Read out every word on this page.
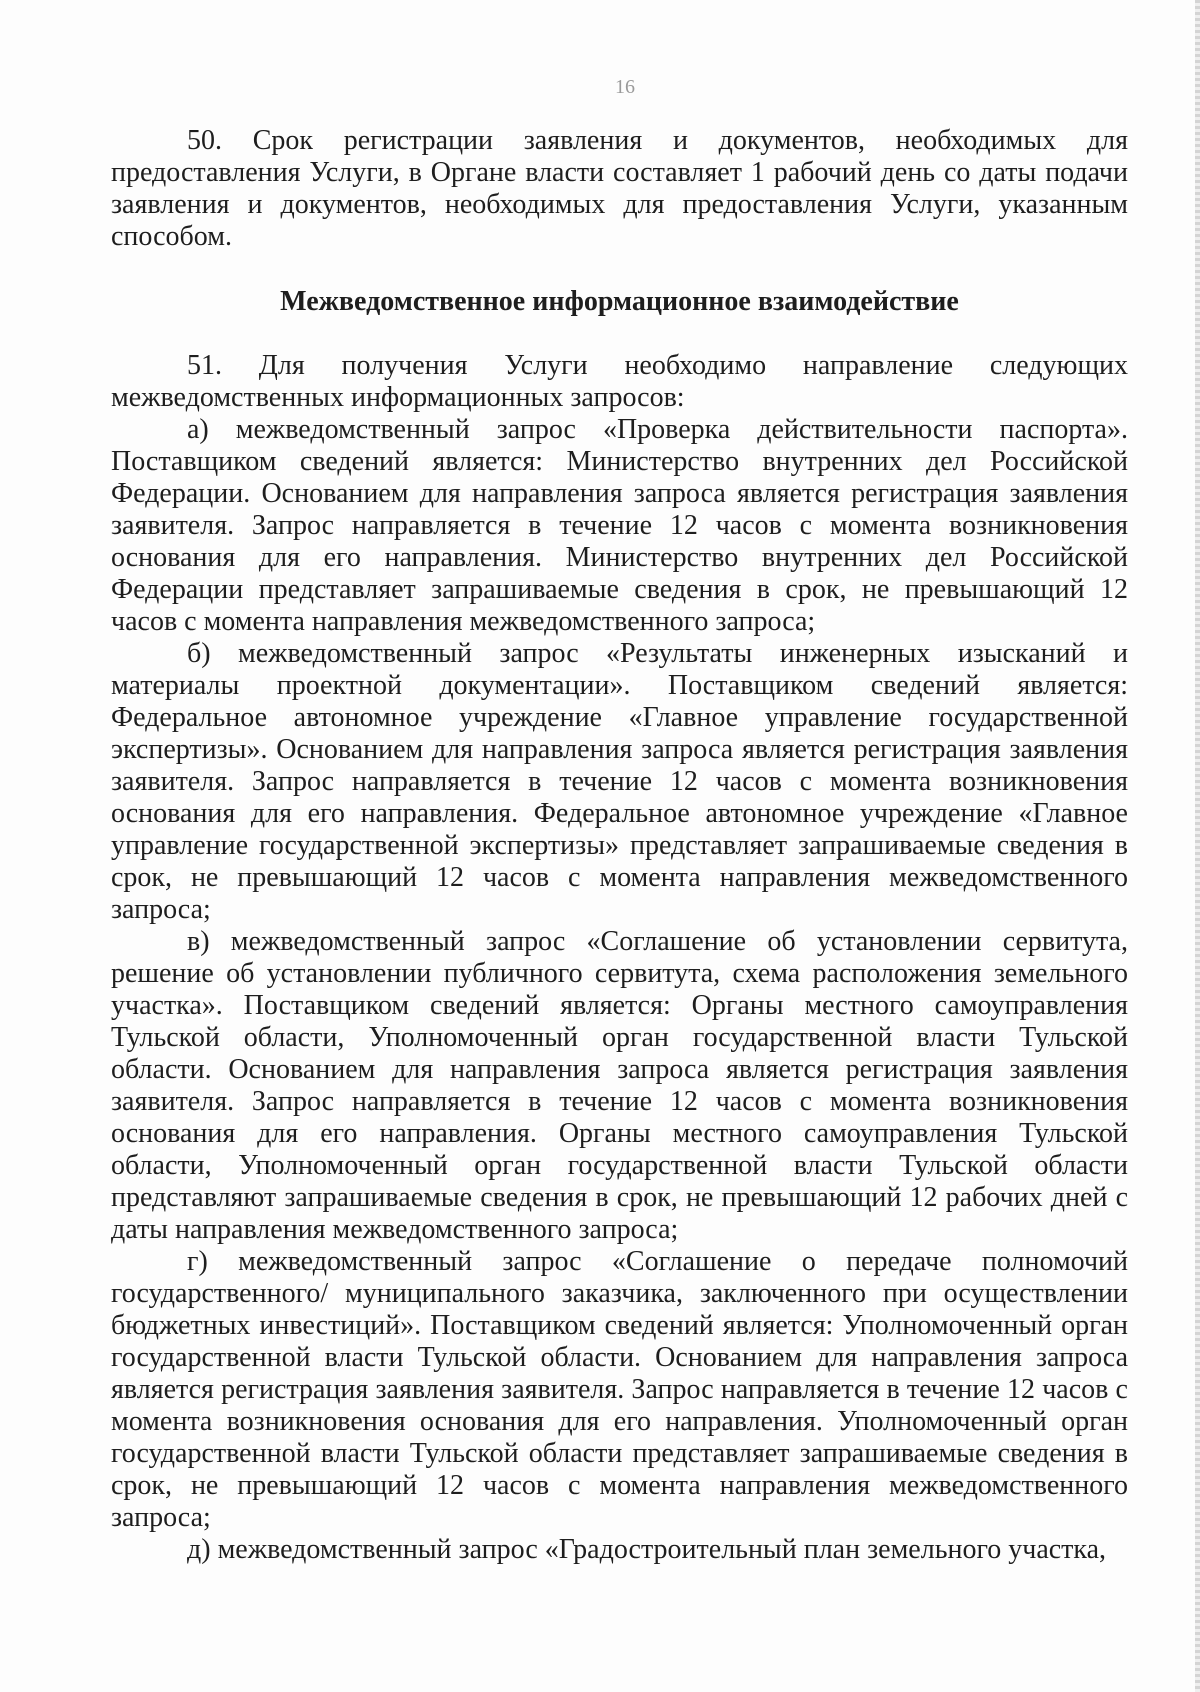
16

50. Срок регистрации заявления и документов, необходимых для предоставления Услуги, в Органе власти составляет 1 рабочий день со даты подачи заявления и документов, необходимых для предоставления Услуги, указанным способом.

Межведомственное информационное взаимодействие

51. Для получения Услуги необходимо направление следующих межведомственных информационных запросов:

а) межведомственный запрос «Проверка действительности паспорта». Поставщиком сведений является: Министерство внутренних дел Российской Федерации. Основанием для направления запроса является регистрация заявления заявителя. Запрос направляется в течение 12 часов с момента возникновения основания для его направления. Министерство внутренних дел Российской Федерации представляет запрашиваемые сведения в срок, не превышающий 12 часов с момента направления межведомственного запроса;

б) межведомственный запрос «Результаты инженерных изысканий и материалы проектной документации». Поставщиком сведений является: Федеральное автономное учреждение «Главное управление государственной экспертизы». Основанием для направления запроса является регистрация заявления заявителя. Запрос направляется в течение 12 часов с момента возникновения основания для его направления. Федеральное автономное учреждение «Главное управление государственной экспертизы» представляет запрашиваемые сведения в срок, не превышающий 12 часов с момента направления межведомственного запроса;

в) межведомственный запрос «Соглашение об установлении сервитута, решение об установлении публичного сервитута, схема расположения земельного участка». Поставщиком сведений является: Органы местного самоуправления Тульской области, Уполномоченный орган государственной власти Тульской области. Основанием для направления запроса является регистрация заявления заявителя. Запрос направляется в течение 12 часов с момента возникновения основания для его направления. Органы местного самоуправления Тульской области, Уполномоченный орган государственной власти Тульской области представляют запрашиваемые сведения в срок, не превышающий 12 рабочих дней с даты направления межведомственного запроса;

г) межведомственный запрос «Соглашение о передаче полномочий государственного/ муниципального заказчика, заключенного при осуществлении бюджетных инвестиций». Поставщиком сведений является: Уполномоченный орган государственной власти Тульской области. Основанием для направления запроса является регистрация заявления заявителя. Запрос направляется в течение 12 часов с момента возникновения основания для его направления. Уполномоченный орган государственной власти Тульской области представляет запрашиваемые сведения в срок, не превышающий 12 часов с момента направления межведомственного запроса;

д) межведомственный запрос «Градостроительный план земельного участка,
